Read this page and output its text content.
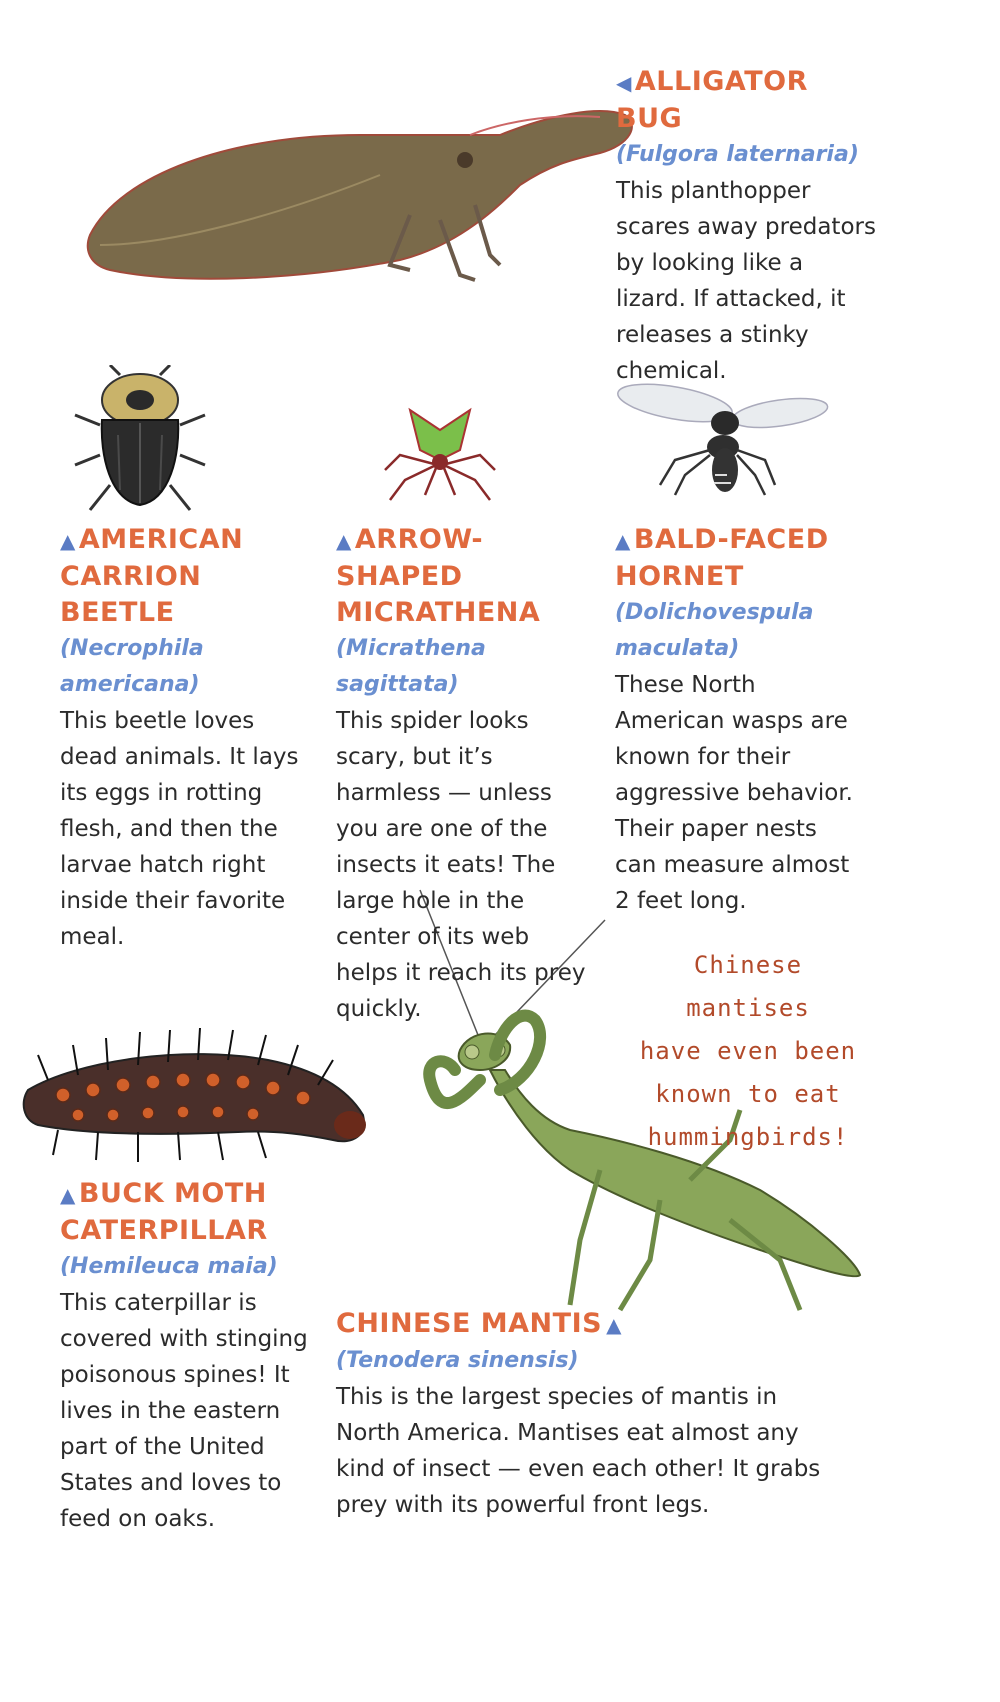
◀ ALLIGATOR BUG

(Fulgora laternaria)

This planthopper scares away predators by looking like a lizard. If attacked, it releases a stinky chemical.

▲ AMERICAN CARRION BEETLE

(Necrophila americana)

This beetle loves dead animals. It lays its eggs in rotting flesh, and then the larvae hatch right inside their favorite meal.

▲ ARROW-SHAPED MICRATHENA

(Micrathena sagittata)

This spider looks scary, but it’s harmless — unless you are one of the insects it eats! The large hole in the center of its web helps it reach its prey quickly.

▲ BALD-FACED HORNET

(Dolichovespula maculata)

These North American wasps are known for their aggressive behavior. Their paper nests can measure almost 2 feet long.

▲ BUCK MOTH CATERPILLAR

(Hemileuca maia)

This caterpillar is covered with stinging poisonous spines! It lives in the eastern part of the United States and loves to feed on oaks.

CHINESE MANTIS ▲

(Tenodera sinensis)

This is the largest species of mantis in North America. Mantises eat almost any kind of insect — even each other! It grabs prey with its powerful front legs.

Chinese mantises
have even been
known to eat
hummingbirds!
